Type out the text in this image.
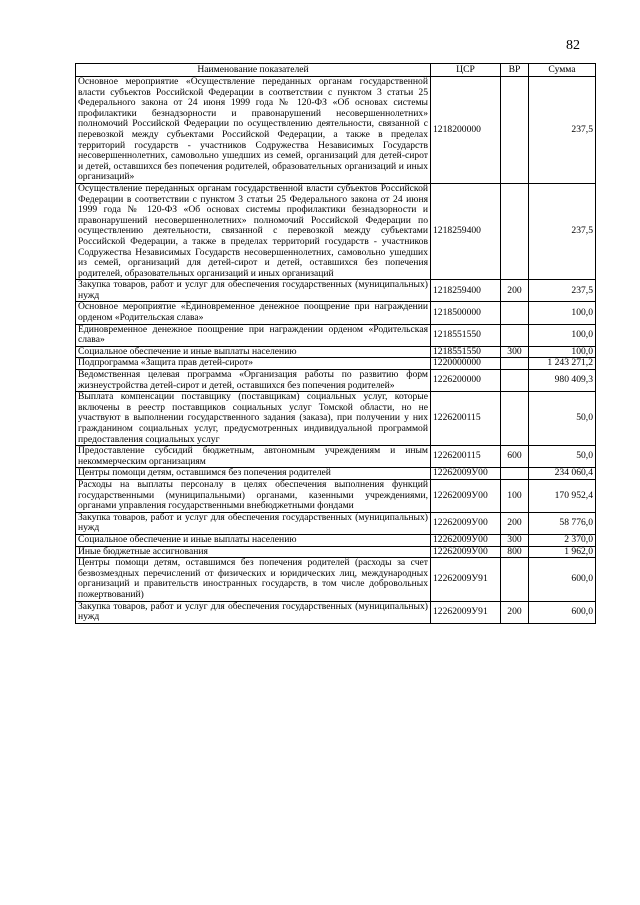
82
Наименование показателей	ЦСР	ВР	Сумма
Основное мероприятие «Осуществление переданных органам государственной власти субъектов Российской Федерации в соответствии с пунктом 3 статьи 25 Федерального закона от 24 июня 1999 года № 120-ФЗ «Об основах системы профилактики безнадзорности и правонарушений несовершеннолетних» полномочий Российской Федерации по осуществлению деятельности, связанной с перевозкой между субъектами Российской Федерации, а также в пределах территорий государств - участников Содружества Независимых Государств несовершеннолетних, самовольно ушедших из семей, организаций для детей-сирот и детей, оставшихся без попечения родителей, образовательных организаций и иных организаций»	1218200000		237,5
Осуществление переданных органам государственной власти субъектов Российской Федерации в соответствии с пунктом 3 статьи 25 Федерального закона от 24 июня 1999 года № 120-ФЗ «Об основах системы профилактики безнадзорности и правонарушений несовершеннолетних» полномочий Российской Федерации по осуществлению деятельности, связанной с перевозкой между субъектами Российской Федерации, а также в пределах территорий государств - участников Содружества Независимых Государств несовершеннолетних, самовольно ушедших из семей, организаций для детей-сирот и детей, оставшихся без попечения родителей, образовательных организаций и иных организаций	1218259400		237,5
Закупка товаров, работ и услуг для обеспечения государственных (муниципальных) нужд	1218259400	200	237,5
Основное мероприятие «Единовременное денежное поощрение при награждении орденом «Родительская слава»	1218500000		100,0
Единовременное денежное поощрение при награждении орденом «Родительская слава»	1218551550		100,0
Социальное обеспечение и иные выплаты населению	1218551550	300	100,0
Подпрограмма «Защита прав детей-сирот»	1220000000		1 243 271,2
Ведомственная целевая программа «Организация работы по развитию форм жизнеустройства детей-сирот и детей, оставшихся без попечения родителей»	1226200000		980 409,3
Выплата компенсации поставщику (поставщикам) социальных услуг, которые включены в реестр поставщиков социальных услуг Томской области, но не участвуют в выполнении государственного задания (заказа), при получении у них гражданином социальных услуг, предусмотренных индивидуальной программой предоставления социальных услуг	1226200115		50,0
Предоставление субсидий бюджетным, автономным учреждениям и иным некоммерческим организациям	1226200115	600	50,0
Центры помощи детям, оставшимся без попечения родителей	12262009У00		234 060,4
Расходы на выплаты персоналу в целях обеспечения выполнения функций государственными (муниципальными) органами, казенными учреждениями, органами управления государственными внебюджетными фондами	12262009У00	100	170 952,4
Закупка товаров, работ и услуг для обеспечения государственных (муниципальных) нужд	12262009У00	200	58 776,0
Социальное обеспечение и иные выплаты населению	12262009У00	300	2 370,0
Иные бюджетные ассигнования	12262009У00	800	1 962,0
Центры помощи детям, оставшимся без попечения родителей (расходы за счет безвозмездных перечислений от физических и юридических лиц, международных организаций и правительств иностранных государств, в том числе добровольных пожертвований)	12262009У91		600,0
Закупка товаров, работ и услуг для обеспечения государственных (муниципальных) нужд	12262009У91	200	600,0
